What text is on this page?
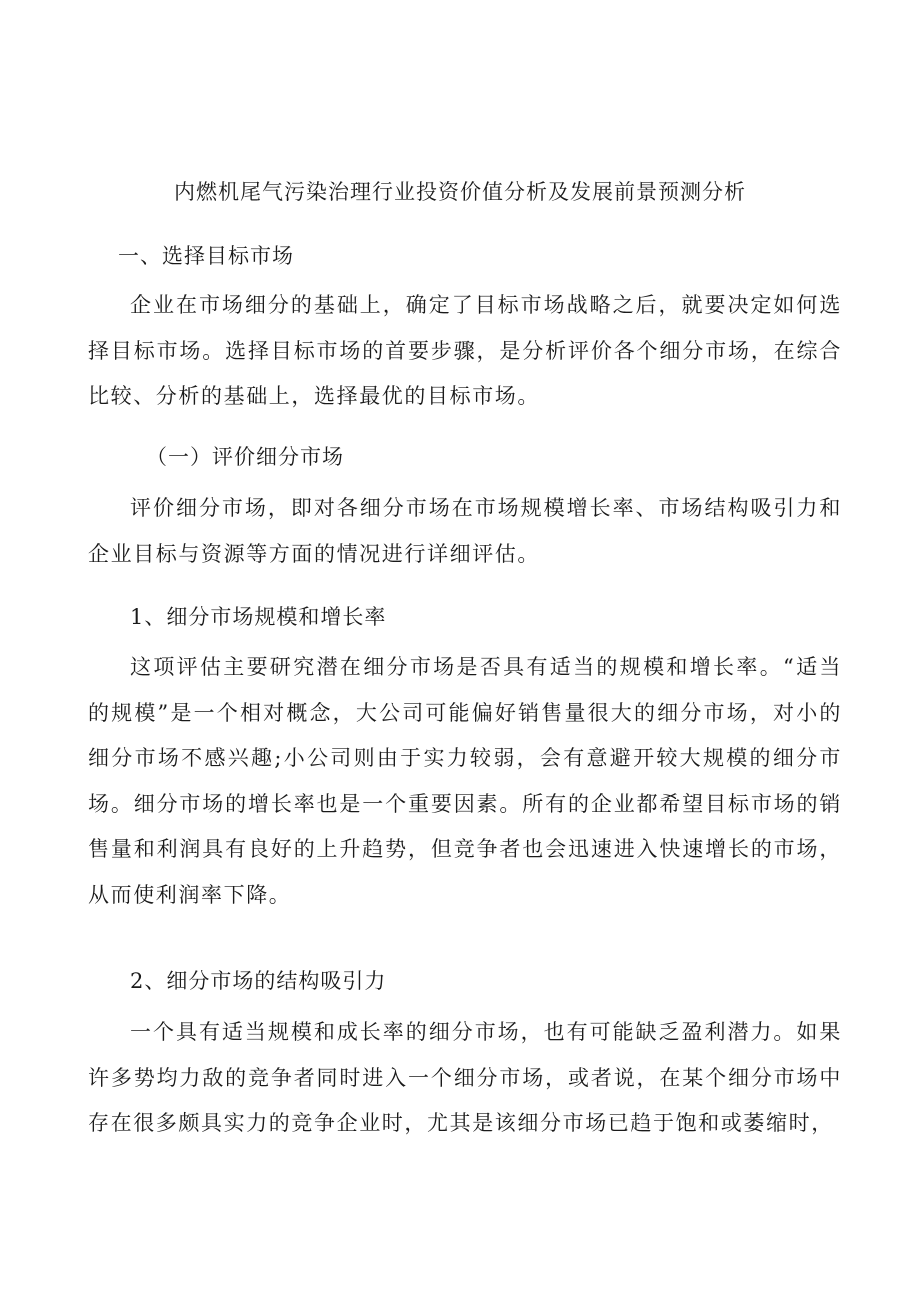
内燃机尾气污染治理行业投资价值分析及发展前景预测分析
一、选择目标市场
企业在市场细分的基础上，确定了目标市场战略之后，就要决定如何选择目标市场。选择目标市场的首要步骤，是分析评价各个细分市场，在综合比较、分析的基础上，选择最优的目标市场。
（一）评价细分市场
评价细分市场，即对各细分市场在市场规模增长率、市场结构吸引力和企业目标与资源等方面的情况进行详细评估。
1、细分市场规模和增长率
这项评估主要研究潜在细分市场是否具有适当的规模和增长率。“适当的规模”是一个相对概念，大公司可能偏好销售量很大的细分市场，对小的细分市场不感兴趣;小公司则由于实力较弱，会有意避开较大规模的细分市场。细分市场的增长率也是一个重要因素。所有的企业都希望目标市场的销售量和利润具有良好的上升趋势，但竞争者也会迅速进入快速增长的市场，从而使利润率下降。
2、细分市场的结构吸引力
一个具有适当规模和成长率的细分市场，也有可能缺乏盈利潜力。如果许多势均力敌的竞争者同时进入一个细分市场，或者说，在某个细分市场中存在很多颇具实力的竞争企业时，尤其是该细分市场已趋于饱和或萎缩时，
